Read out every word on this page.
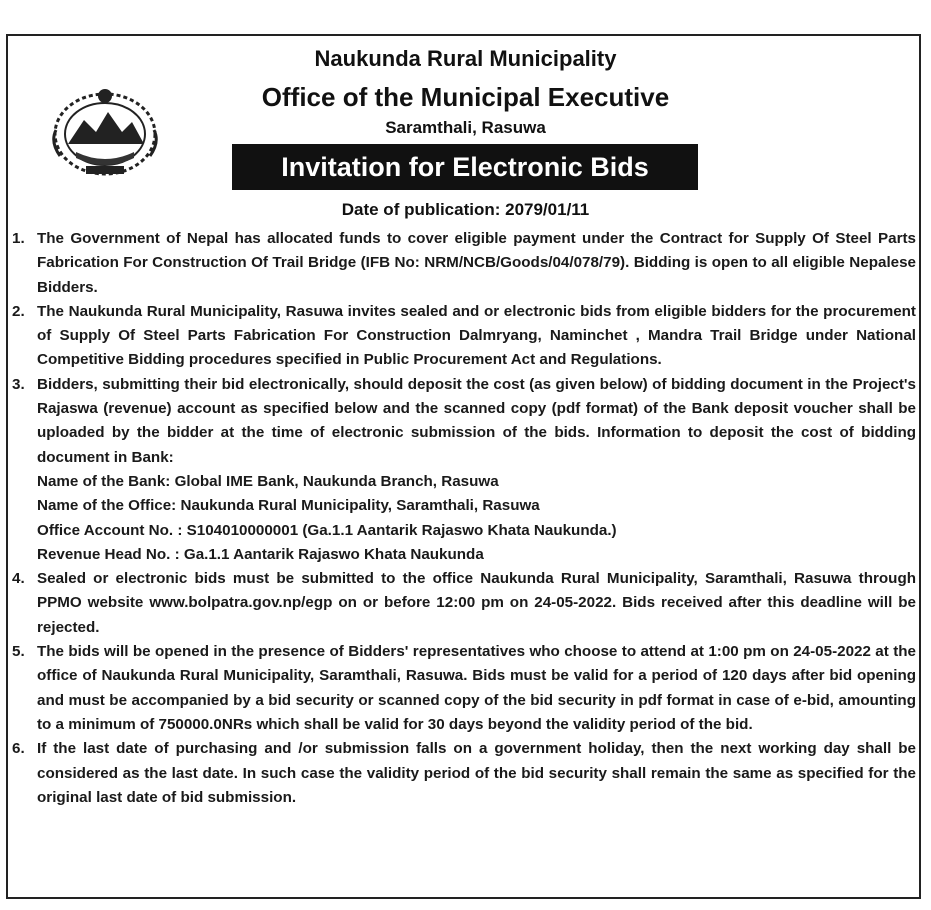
Naukunda Rural Municipality
Office of the Municipal Executive
Saramthali, Rasuwa
Invitation for Electronic Bids
Date of publication: 2079/01/11
1. The Government of Nepal has allocated funds to cover eligible payment under the Contract for Supply Of Steel Parts Fabrication For Construction Of Trail Bridge (IFB No: NRM/NCB/Goods/04/078/79). Bidding is open to all eligible Nepalese Bidders.
2. The Naukunda Rural Municipality, Rasuwa invites sealed and or electronic bids from eligible bidders for the procurement of Supply Of Steel Parts Fabrication For Construction Dalmryang, Naminchet , Mandra Trail Bridge under National Competitive Bidding procedures specified in Public Procurement Act and Regulations.
3. Bidders, submitting their bid electronically, should deposit the cost (as given below) of bidding document in the Project's Rajaswa (revenue) account as specified below and the scanned copy (pdf format) of the Bank deposit voucher shall be uploaded by the bidder at the time of electronic submission of the bids. Information to deposit the cost of bidding document in Bank:
Name of the Bank: Global IME Bank, Naukunda Branch, Rasuwa
Name of the Office: Naukunda Rural Municipality, Saramthali, Rasuwa
Office Account No. : S104010000001 (Ga.1.1 Aantarik Rajaswo Khata Naukunda.)
Revenue Head No. : Ga.1.1 Aantarik Rajaswo Khata Naukunda
4. Sealed or electronic bids must be submitted to the office Naukunda Rural Municipality, Saramthali, Rasuwa through PPMO website www.bolpatra.gov.np/egp on or before 12:00 pm on 24-05-2022. Bids received after this deadline will be rejected.
5. The bids will be opened in the presence of Bidders' representatives who choose to attend at 1:00 pm on 24-05-2022 at the office of Naukunda Rural Municipality, Saramthali, Rasuwa. Bids must be valid for a period of 120 days after bid opening and must be accompanied by a bid security or scanned copy of the bid security in pdf format in case of e-bid, amounting to a minimum of 750000.0NRs which shall be valid for 30 days beyond the validity period of the bid.
6. If the last date of purchasing and /or submission falls on a government holiday, then the next working day shall be considered as the last date. In such case the validity period of the bid security shall remain the same as specified for the original last date of bid submission.
